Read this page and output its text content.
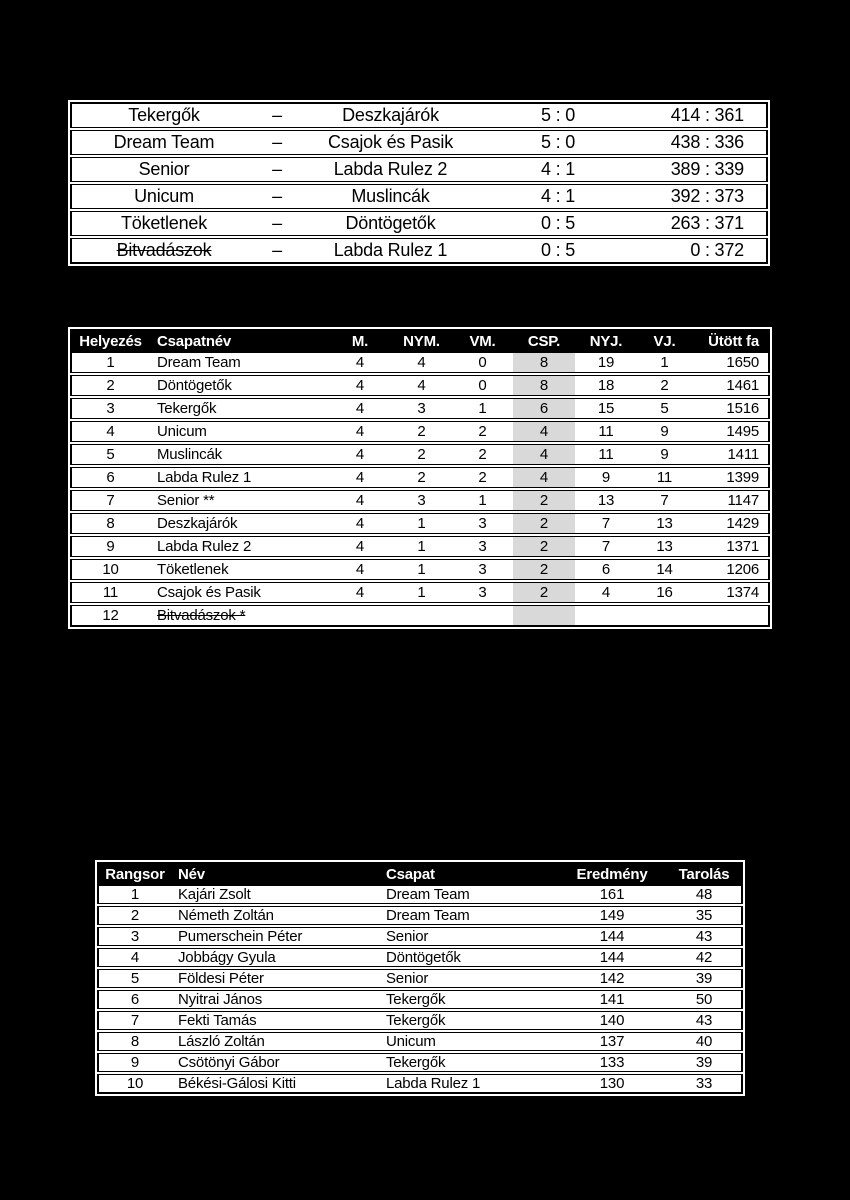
Tekergők	–	Deszkajárók	5 : 0	414 : 361
Dream Team	–	Csajok és Pasik	5 : 0	438 : 336
Senior	–	Labda Rulez 2	4 : 1	389 : 339
Unicum	–	Muslincák	4 : 1	392 : 373
Töketlenek	–	Döntögetők	0 : 5	263 : 371
Bitvadászok	–	Labda Rulez 1	0 : 5	0 : 372
Helyezés	Csapatnév	M.	NYM.	VM.	CSP.	NYJ.	VJ.	Ütött fa
1	Dream Team	4	4	0	8	19	1	1650
2	Döntögetők	4	4	0	8	18	2	1461
3	Tekergők	4	3	1	6	15	5	1516
4	Unicum	4	2	2	4	11	9	1495
5	Muslincák	4	2	2	4	11	9	1411
6	Labda Rulez 1	4	2	2	4	9	11	1399
7	Senior **	4	3	1	2	13	7	1147
8	Deszkajárók	4	1	3	2	7	13	1429
9	Labda Rulez 2	4	1	3	2	7	13	1371
10	Töketlenek	4	1	3	2	6	14	1206
11	Csajok és Pasik	4	1	3	2	4	16	1374
12	Bitvadászok *							
Rangsor	Név	Csapat	Eredmény	Tarolás
1	Kajári Zsolt	Dream Team	161	48
2	Németh Zoltán	Dream Team	149	35
3	Pumerschein Péter	Senior	144	43
4	Jobbágy Gyula	Döntögetők	144	42
5	Földesi Péter	Senior	142	39
6	Nyitrai János	Tekergők	141	50
7	Fekti Tamás	Tekergők	140	43
8	László Zoltán	Unicum	137	40
9	Csötönyi Gábor	Tekergők	133	39
10	Békési-Gálosi Kitti	Labda Rulez 1	130	33
